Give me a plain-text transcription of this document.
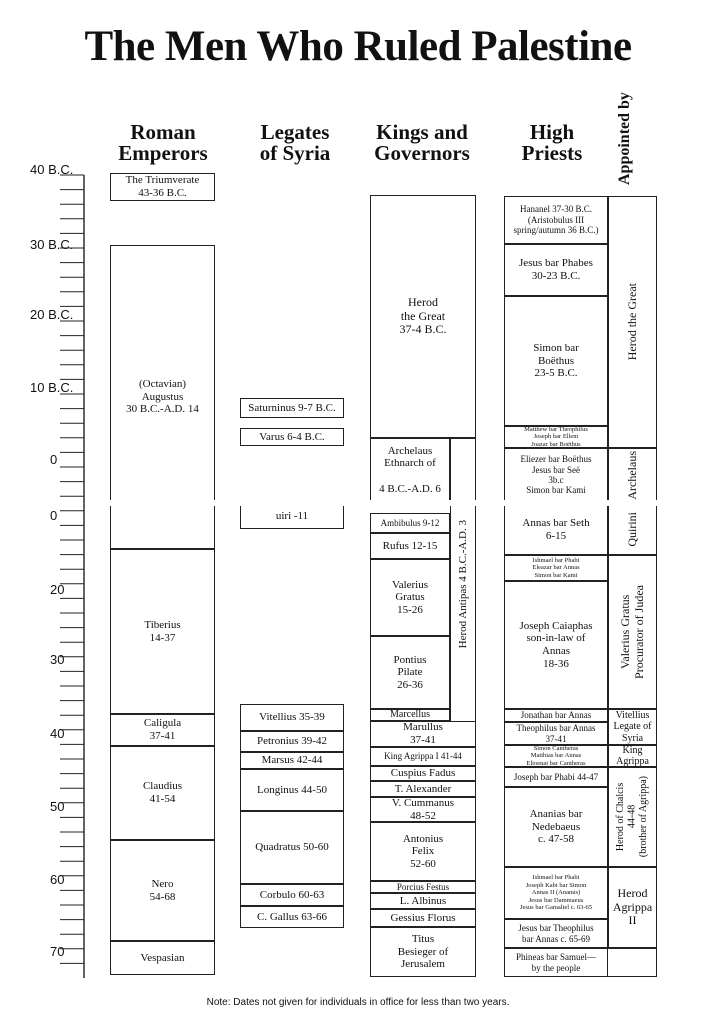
The Men Who Ruled Palestine
Roman
Emperors
Legates
of Syria
Kings and
Governors
High
Priests	Appointed by
40 B.C.
30 B.C.
20 B.C.
10 B.C.
0
0
20
30
40
50
60
70
The Triumverate
43-36 B.C.
(Octavian)
Augustus
30 B.C.-A.D. 14
Tiberius
14-37
Caligula
37-41
Claudius
41-54
Nero
54-68
Vespasian
Saturninus 9-7 B.C.
Varus 6-4 B.C.
uiri -11
Vitellius 35-39
Petronius 39-42
Marsus 42-44
Longinus 44-50
Quadratus 50-60
Corbulo 60-63
C. Gallus 63-66
Herod
the Great
37-4 B.C.
Archelaus
Ethnarch of

4 B.C.-A.D. 6
Ambibulus 9-12
Rufus 12-15
Valerius
Gratus
15-26
Pontius
Pilate
26-36
Herod Antipas 4 B.C.-A.D. 3
Marcellus
Marullus
37-41
King Agrippa I 41-44
Cuspius Fadus
T. Alexander
V. Cummanus
48-52
Antonius
Felix
52-60
Porcius Festus
L. Albinus
Gessius Florus
Titus
Besieger of
Jerusalem
Hananel 37-30 B.C.
(Aristobulus III
spring/autumn 36 B.C.)
Jesus bar Phabes
30-23 B.C.
Simon bar
Boëthus
23-5 B.C.
Matthew bar Theophilus
Joseph bar Ellem
Joazar bar Boëthus
Eliezer bar Boëthus
Jesus bar Seë
3b.c
Simon bar Kami
Annas bar Seth
6-15
Ishmael bar Phabi
Eleazar bar Annas
Simon bar Kami
Joseph Caiaphas
son-in-law of
Annas
18-36
Jonathan bar Annas
Theophilus bar Annas
37-41
Simon Cantheras
Matthias bar Annas
Elioenai bar Cantheras
Joseph bar Phabi 44-47
Ananias bar
Nedebaeus
c. 47-58
Ishmael bar Phabi
Joseph Kabi bar Simon
Annas II (Ananus)
Jesus bar Dammaeus
Jesus bar Gamaliel c. 63-65
Jesus bar Theophilus
bar Annas c. 65-69
Phineas bar Samuel—
by the people
Herod the Great
Archelaus
Quirini
Valerius Gratus
Procurator of Judea
Vitellius
Legate of
Syria
King
Agrippa
Herod of Chalcis
44-48
(brother of Agrippa)
Herod
Agrippa
II
Note: Dates not given for individuals in office for less than two years.
